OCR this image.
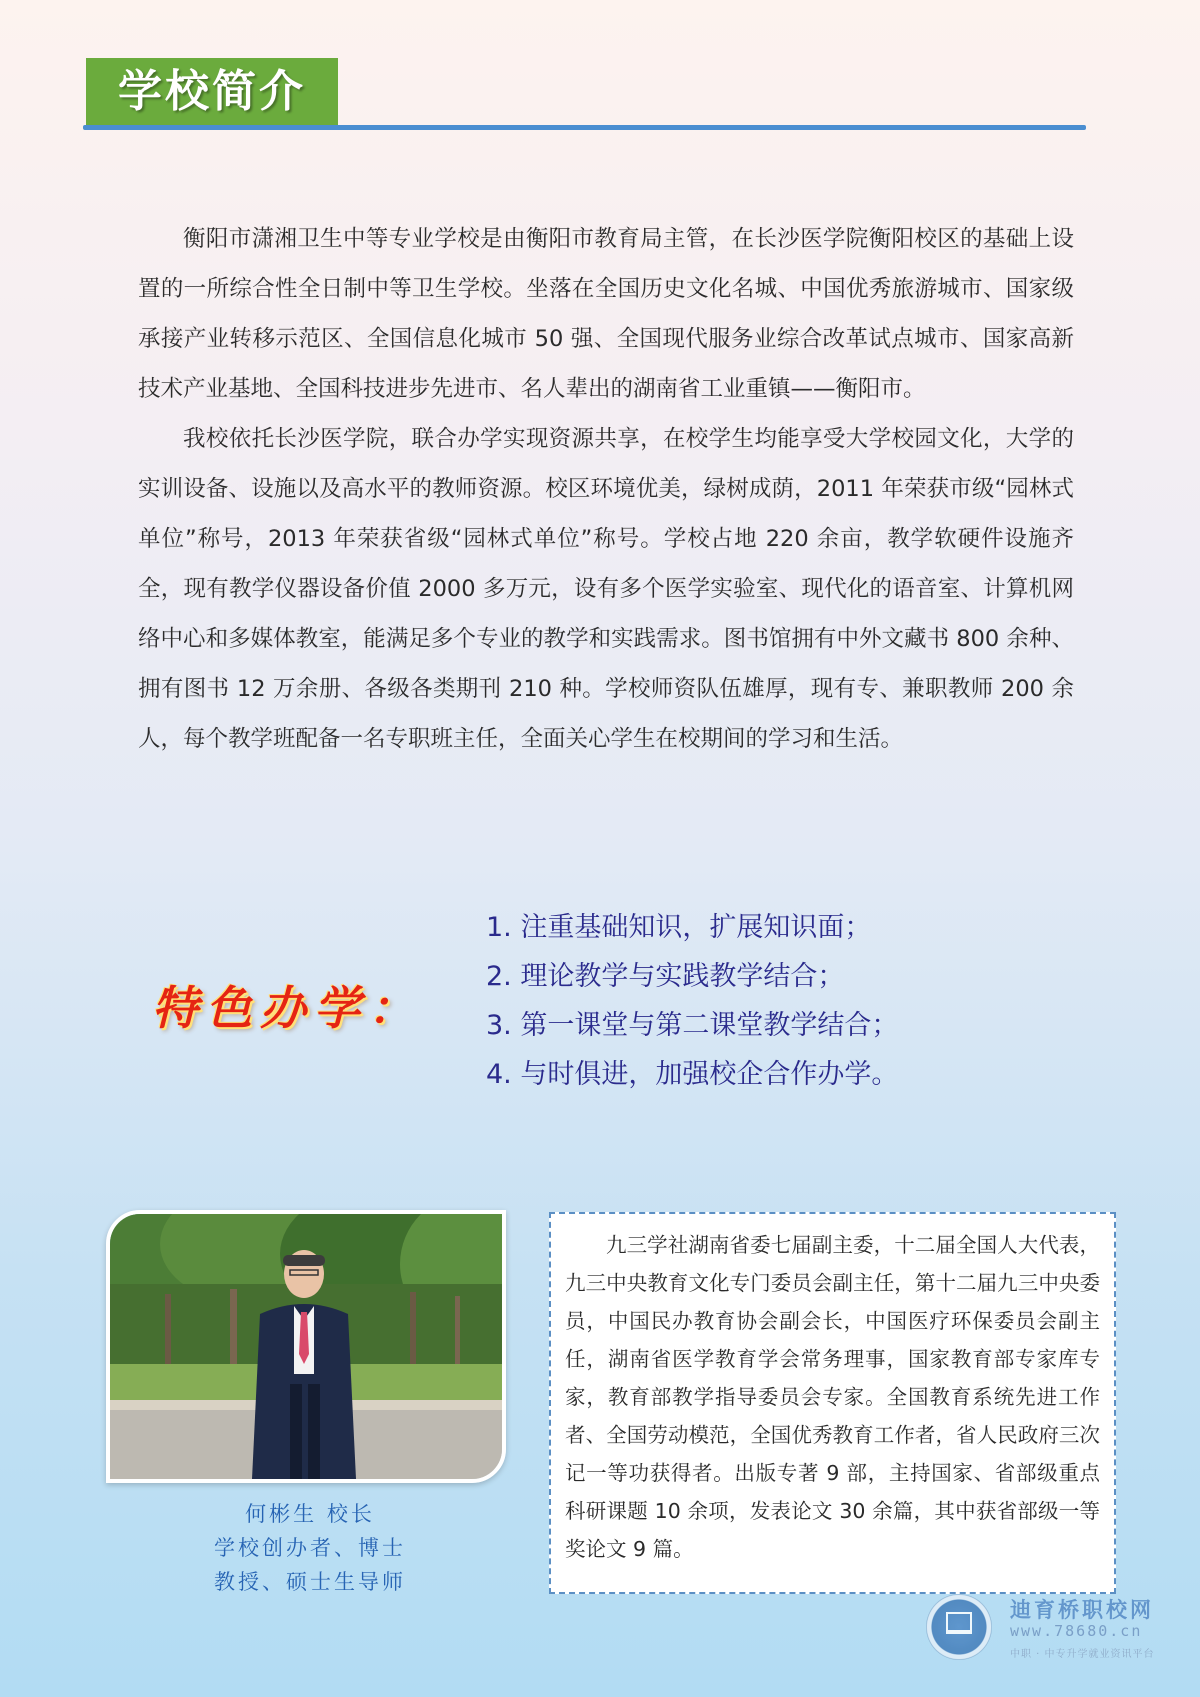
学校简介

衡阳市潇湘卫生中等专业学校是由衡阳市教育局主管，在长沙医学院衡阳校区的基础上设置的一所综合性全日制中等卫生学校。坐落在全国历史文化名城、中国优秀旅游城市、国家级承接产业转移示范区、全国信息化城市 50 强、全国现代服务业综合改革试点城市、国家高新技术产业基地、全国科技进步先进市、名人辈出的湖南省工业重镇——衡阳市。

我校依托长沙医学院，联合办学实现资源共享，在校学生均能享受大学校园文化，大学的实训设备、设施以及高水平的教师资源。校区环境优美，绿树成荫，2011 年荣获市级“园林式单位”称号，2013 年荣获省级“园林式单位”称号。学校占地 220 余亩，教学软硬件设施齐全，现有教学仪器设备价值 2000 多万元，设有多个医学实验室、现代化的语音室、计算机网络中心和多媒体教室，能满足多个专业的教学和实践需求。图书馆拥有中外文藏书 800 余种、拥有图书 12 万余册、各级各类期刊 210 种。学校师资队伍雄厚，现有专、兼职教师 200 余人，每个教学班配备一名专职班主任，全面关心学生在校期间的学习和生活。

特色办学：
1. 注重基础知识，扩展知识面；
2. 理论教学与实践教学结合；
3. 第一课堂与第二课堂教学结合；
4. 与时俱进，加强校企合作办学。
何彬生 校长
学校创办者、博士
教授、硕士生导师

九三学社湖南省委七届副主委，十二届全国人大代表，九三中央教育文化专门委员会副主任，第十二届九三中央委员，中国民办教育协会副会长，中国医疗环保委员会副主任，湖南省医学教育学会常务理事，国家教育部专家库专家，教育部教学指导委员会专家。全国教育系统先进工作者、全国劳动模范，全国优秀教育工作者，省人民政府三次记一等功获得者。出版专著 9 部，主持国家、省部级重点科研课题 10 余项，发表论文 30 余篇，其中获省部级一等奖论文 9 篇。

迪育桥职校网
www.78680.cn
中职 · 中专升学就业资讯平台
